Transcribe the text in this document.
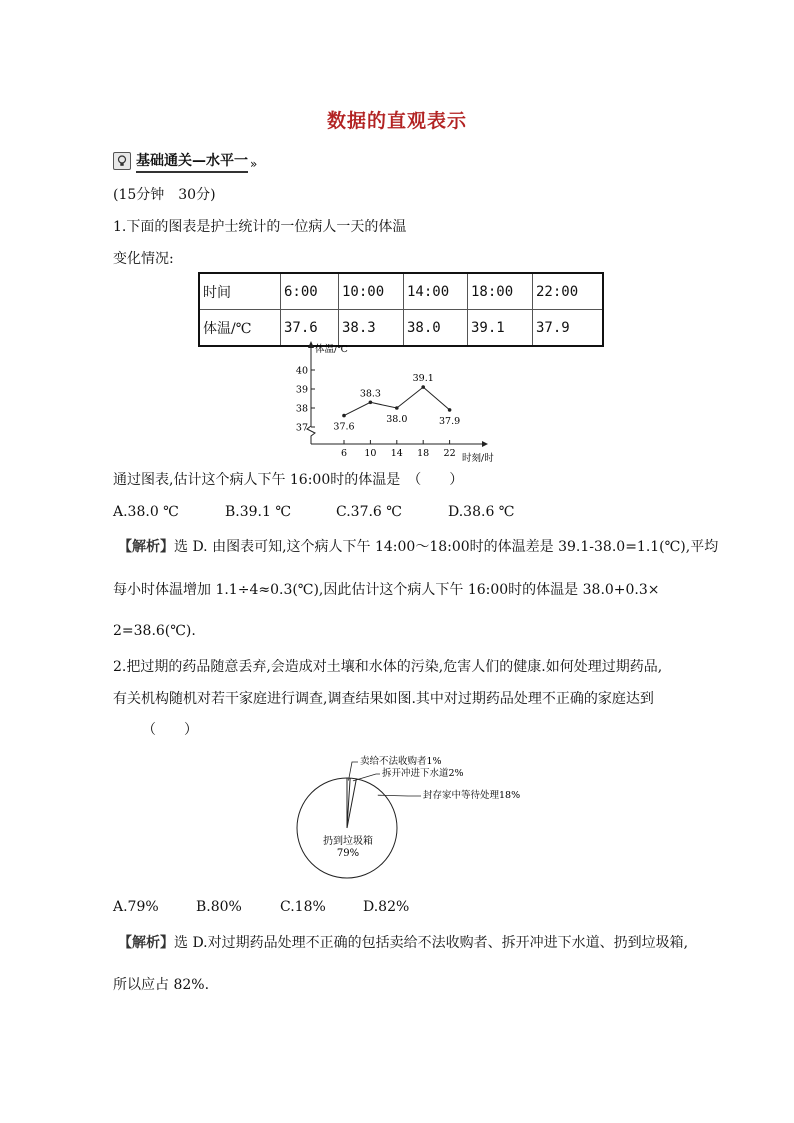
数据的直观表示
基础通关—水平一 »
(15分钟　30分)
1.下面的图表是护士统计的一位病人一天的体温
变化情况:
时间	6:00	10:00	14:00	18:00	22:00
体温/℃	37.6	38.3	38.0	39.1	37.9
体温/℃
时刻/时
37
38
39
40
6 10 14 18 22
37.6
38.3
38.0
39.1
37.9
通过图表,估计这个病人下午 16:00时的体温是　（　　）
A.38.0 ℃	B.39.1 ℃	C.37.6 ℃	D.38.6 ℃
【解析】选 D. 由图表可知,这个病人下午 14:00～18:00时的体温差是 39.1-38.0=1.1(℃),平均
每小时体温增加 1.1÷4≈0.3(℃),因此估计这个病人下午 16:00时的体温是 38.0+0.3×
2=38.6(℃).
2.把过期的药品随意丢弃,会造成对土壤和水体的污染,危害人们的健康.如何处理过期药品,
有关机构随机对若干家庭进行调查,调查结果如图.其中对过期药品处理不正确的家庭达到
（　　）
卖给不法收购者1%
拆开冲进下水道2%
封存家中等待处理18%
扔到垃圾箱
79%
A.79%	B.80%	C.18%	D.82%
【解析】选 D.对过期药品处理不正确的包括卖给不法收购者、拆开冲进下水道、扔到垃圾箱,
所以应占 82%.
